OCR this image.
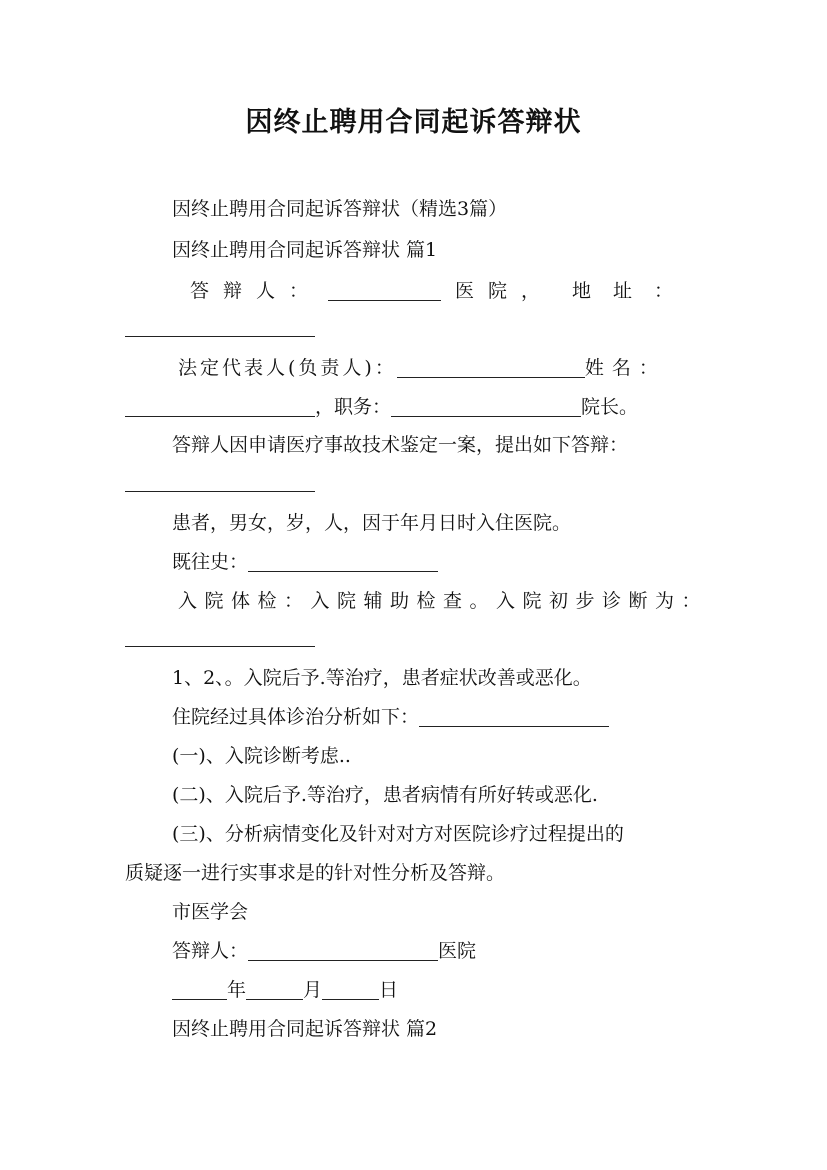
因终止聘用合同起诉答辩状
因终止聘用合同起诉答辩状（精选3篇）
因终止聘用合同起诉答辩状 篇1
答辩人：	医院， 地址：
法定代表人(负责人)：	姓名：
，职务：	院长。
答辩人因申请医疗事故技术鉴定一案，提出如下答辩：
患者，男女，岁，人，因于年月日时入住医院。
既往史：
入院体检：入院辅助检查。入院初步诊断为：
1、2、。入院后予.等治疗，患者症状改善或恶化。
住院经过具体诊治分析如下：
(一)、入院诊断考虑..
(二)、入院后予.等治疗，患者病情有所好转或恶化.
(三)、分析病情变化及针对对方对医院诊疗过程提出的
质疑逐一进行实事求是的针对性分析及答辩。
市医学会
答辩人：	医院
年	月	日
因终止聘用合同起诉答辩状 篇2
